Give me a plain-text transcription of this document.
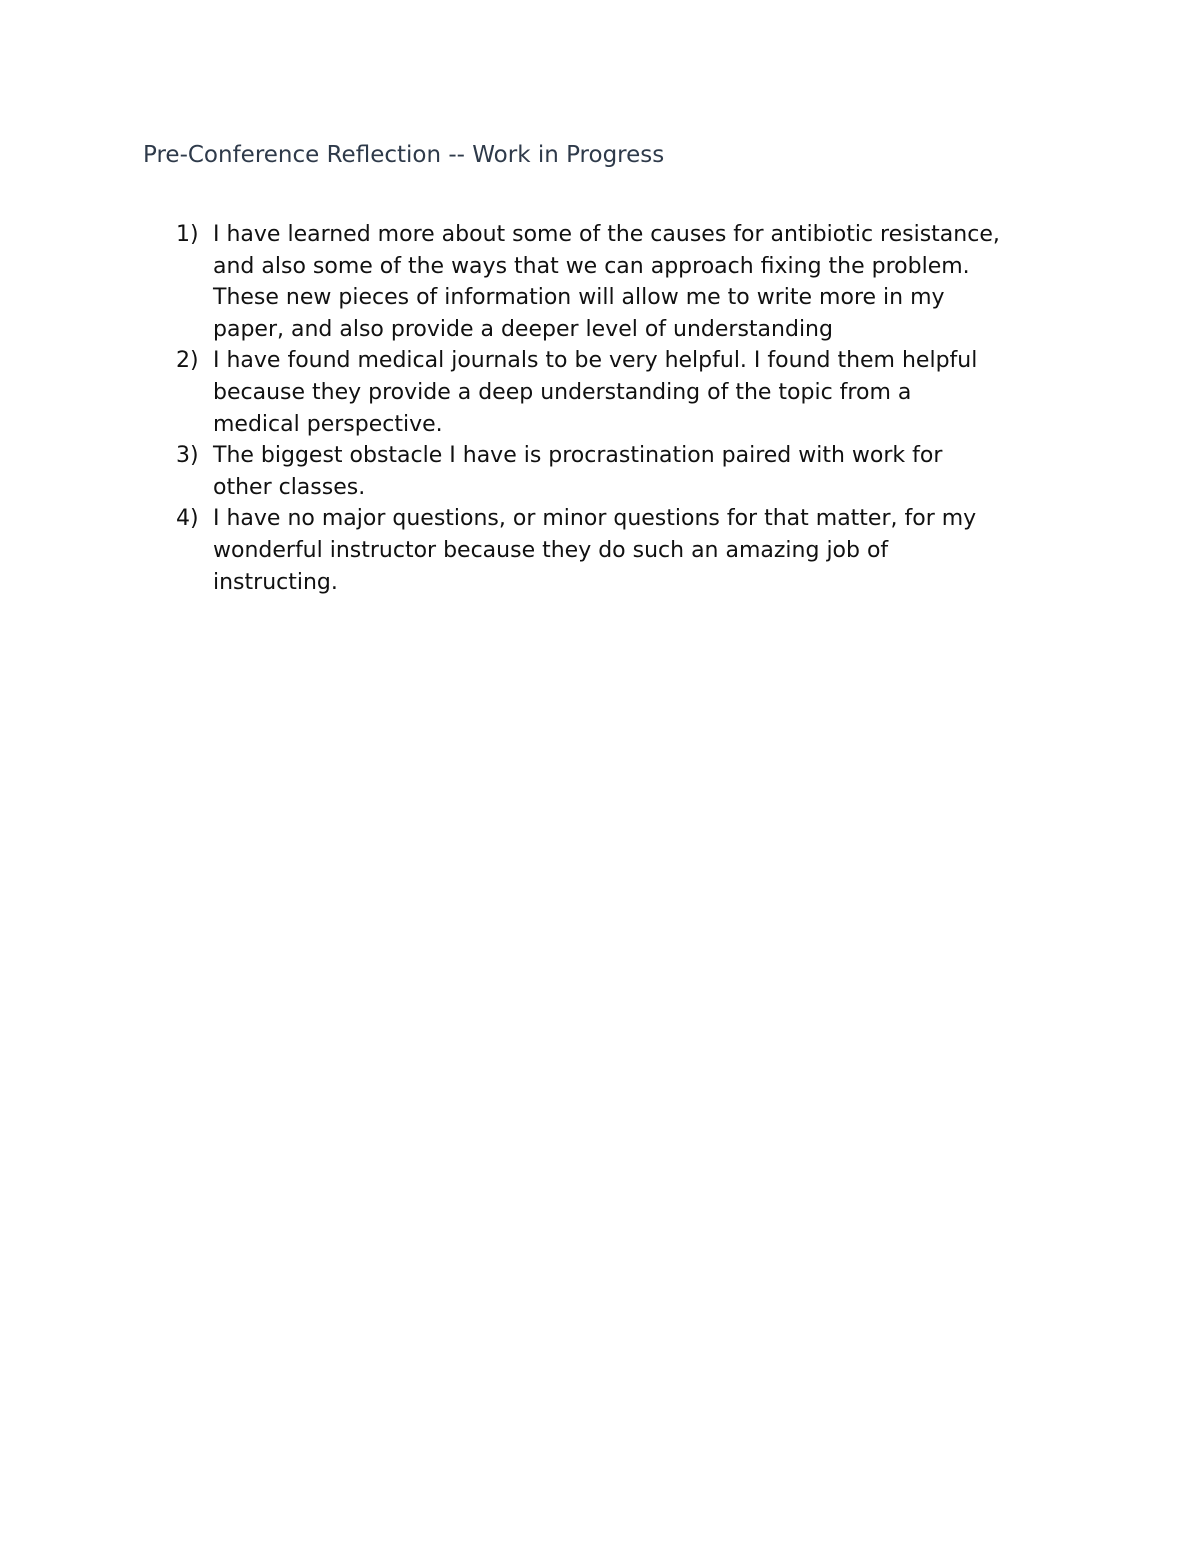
Pre-Conference Reflection -- Work in Progress
1) I have learned more about some of the causes for antibiotic resistance,
and also some of the ways that we can approach fixing the problem.
These new pieces of information will allow me to write more in my
paper, and also provide a deeper level of understanding
2) I have found medical journals to be very helpful. I found them helpful
because they provide a deep understanding of the topic from a
medical perspective.
3) The biggest obstacle I have is procrastination paired with work for
other classes.
4) I have no major questions, or minor questions for that matter, for my
wonderful instructor because they do such an amazing job of
instructing.
